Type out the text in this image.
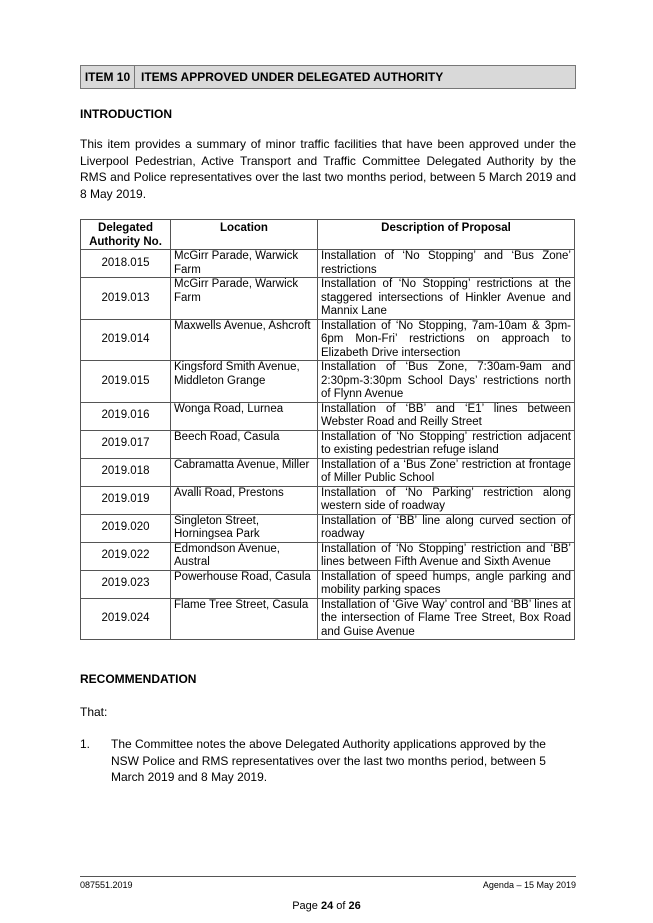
ITEM 10 ITEMS APPROVED UNDER DELEGATED AUTHORITY
INTRODUCTION
This item provides a summary of minor traffic facilities that have been approved under the Liverpool Pedestrian, Active Transport and Traffic Committee Delegated Authority by the RMS and Police representatives over the last two months period, between 5 March 2019 and 8 May 2019.
Delegated Authority No.	Location	Description of Proposal
2018.015	McGirr Parade, Warwick Farm	Installation of ‘No Stopping’ and ‘Bus Zone’ restrictions
2019.013	McGirr Parade, Warwick Farm	Installation of ‘No Stopping’ restrictions at the staggered intersections of Hinkler Avenue and Mannix Lane
2019.014	Maxwells Avenue, Ashcroft	Installation of ‘No Stopping, 7am-10am & 3pm-6pm Mon-Fri’ restrictions on approach to Elizabeth Drive intersection
2019.015	Kingsford Smith Avenue, Middleton Grange	Installation of ‘Bus Zone, 7:30am-9am and 2:30pm-3:30pm School Days’ restrictions north of Flynn Avenue
2019.016	Wonga Road, Lurnea	Installation of ‘BB’ and ‘E1’ lines between Webster Road and Reilly Street
2019.017	Beech Road, Casula	Installation of ‘No Stopping’ restriction adjacent to existing pedestrian refuge island
2019.018	Cabramatta Avenue, Miller	Installation of a ‘Bus Zone’ restriction at frontage of Miller Public School
2019.019	Avalli Road, Prestons	Installation of ‘No Parking’ restriction along western side of roadway
2019.020	Singleton Street, Horningsea Park	Installation of ‘BB’ line along curved section of roadway
2019.022	Edmondson Avenue, Austral	Installation of ‘No Stopping’ restriction and ‘BB’ lines between Fifth Avenue and Sixth Avenue
2019.023	Powerhouse Road, Casula	Installation of speed humps, angle parking and mobility parking spaces
2019.024	Flame Tree Street, Casula	Installation of ‘Give Way’ control and ‘BB’ lines at the intersection of Flame Tree Street, Box Road and Guise Avenue
RECOMMENDATION
That:
1.	The Committee notes the above Delegated Authority applications approved by the NSW Police and RMS representatives over the last two months period, between 5 March 2019 and 8 May 2019.
087551.2019	Agenda – 15 May 2019
Page 24 of 26
